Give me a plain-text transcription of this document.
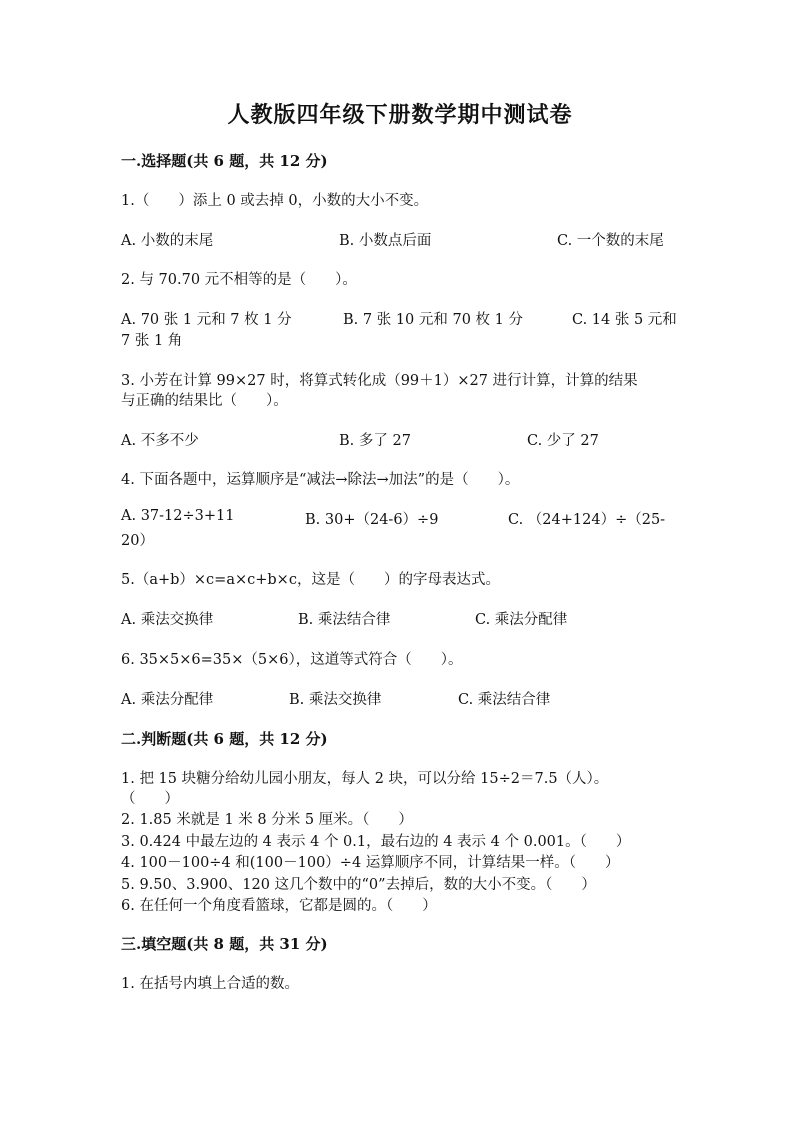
人教版四年级下册数学期中测试卷
一.选择题(共 6 题，共 12 分)
1.（　　）添上 0 或去掉 0，小数的大小不变。
A. 小数的末尾	B. 小数点后面	C. 一个数的末尾
2. 与 70.70 元不相等的是（　　）。
A. 70 张 1 元和 7 枚 1 分	B. 7 张 10 元和 70 枚 1 分	C. 14 张 5 元和
7 张 1 角
3. 小芳在计算 99×27 时，将算式转化成（99＋1）×27 进行计算，计算的结果
与正确的结果比（　　）。
A. 不多不少	B. 多了 27	C. 少了 27
4. 下面各题中，运算顺序是“减法→除法→加法”的是（　　）。
A. 37-12÷3+11	B. 30+（24-6）÷9	C. （24+124）÷（25-
20）
5.（a+b）×c=a×c+b×c，这是（　　）的字母表达式。
A. 乘法交换律	B. 乘法结合律	C. 乘法分配律
6. 35×5×6=35×（5×6），这道等式符合（　　）。
A. 乘法分配律	B. 乘法交换律	C. 乘法结合律
二.判断题(共 6 题，共 12 分)
1. 把 15 块糖分给幼儿园小朋友，每人 2 块，可以分给 15÷2＝7.5（人）。
（　　）
2. 1.85 米就是 1 米 8 分米 5 厘米。（　　）
3. 0.424 中最左边的 4 表示 4 个 0.1，最右边的 4 表示 4 个 0.001。（　　）
4. 100－100÷4 和(100－100）÷4 运算顺序不同，计算结果一样。（　　）
5. 9.50、3.900、120 这几个数中的“0”去掉后，数的大小不变。（　　）
6. 在任何一个角度看篮球，它都是圆的。（　　）
三.填空题(共 8 题，共 31 分)
1. 在括号内填上合适的数。
